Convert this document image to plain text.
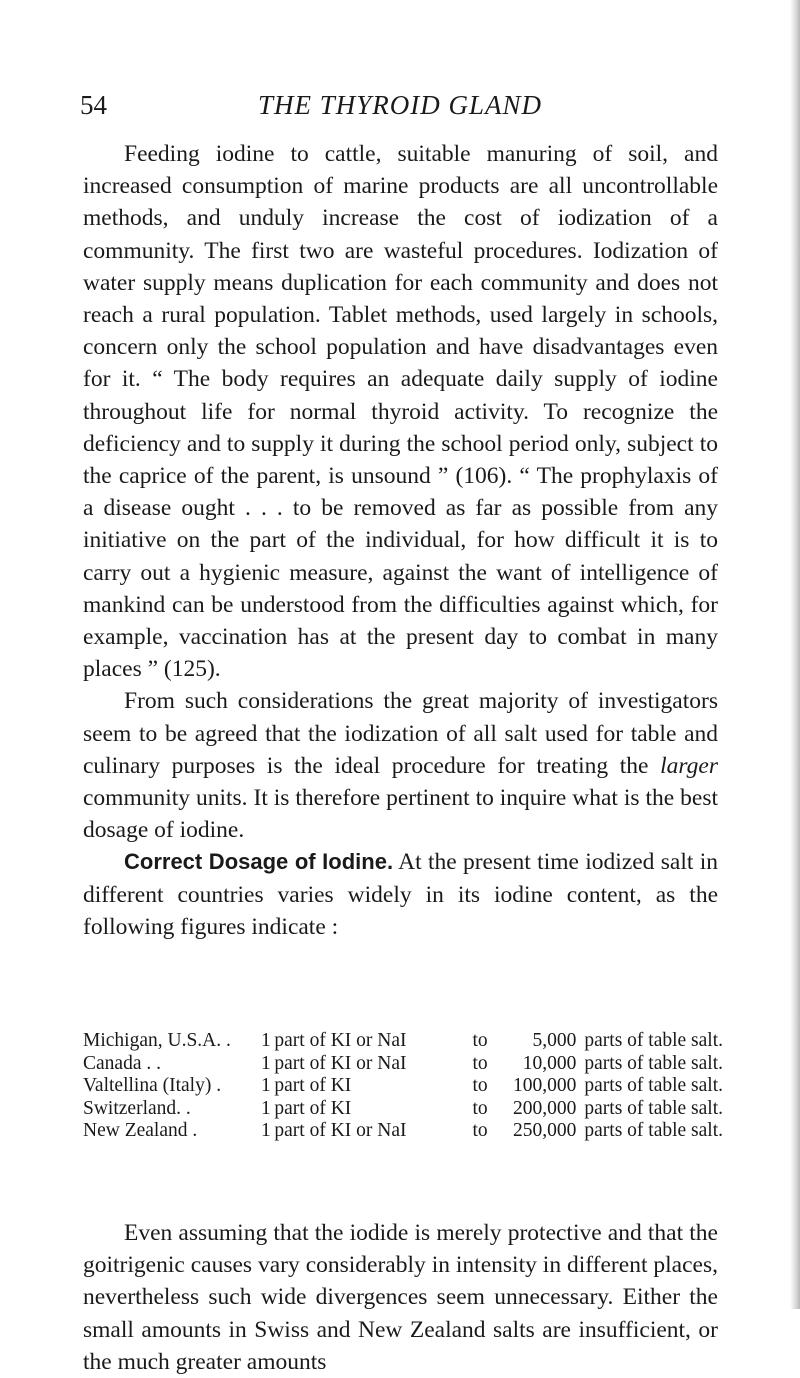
54	THE THYROID GLAND

Feeding iodine to cattle, suitable manuring of soil, and increased consumption of marine products are all uncontrollable methods, and unduly increase the cost of iodization of a community. The first two are wasteful procedures. Iodization of water supply means duplication for each community and does not reach a rural population. Tablet methods, used largely in schools, concern only the school population and have disadvantages even for it. “ The body requires an adequate daily supply of iodine throughout life for normal thyroid activity. To recognize the deficiency and to supply it during the school period only, subject to the caprice of the parent, is unsound ” (106). “ The prophylaxis of a disease ought . . . to be removed as far as possible from any initiative on the part of the individual, for how difficult it is to carry out a hygienic measure, against the want of intelligence of mankind can be understood from the difficulties against which, for example, vaccination has at the present day to combat in many places ” (125).

From such considerations the great majority of investigators seem to be agreed that the iodization of all salt used for table and culinary purposes is the ideal procedure for treating the larger community units. It is therefore pertinent to inquire what is the best dosage of iodine.

Correct Dosage of Iodine. At the present time iodized salt in different countries varies widely in its iodine content, as the following figures indicate :

Michigan, U.S.A. .	1	part of KI or NaI	to	5,000	parts of table salt.
Canada . .	1	part of KI or NaI	to	10,000	parts of table salt.
Valtellina (Italy) .	1	part of KI	to	100,000	parts of table salt.
Switzerland. .	1	part of KI	to	200,000	parts of table salt.
New Zealand .	1	part of KI or NaI	to	250,000	parts of table salt.

Even assuming that the iodide is merely protective and that the goitrigenic causes vary considerably in intensity in different places, nevertheless such wide divergences seem unnecessary. Either the small amounts in Swiss and New Zealand salts are insufficient, or the much greater amounts
